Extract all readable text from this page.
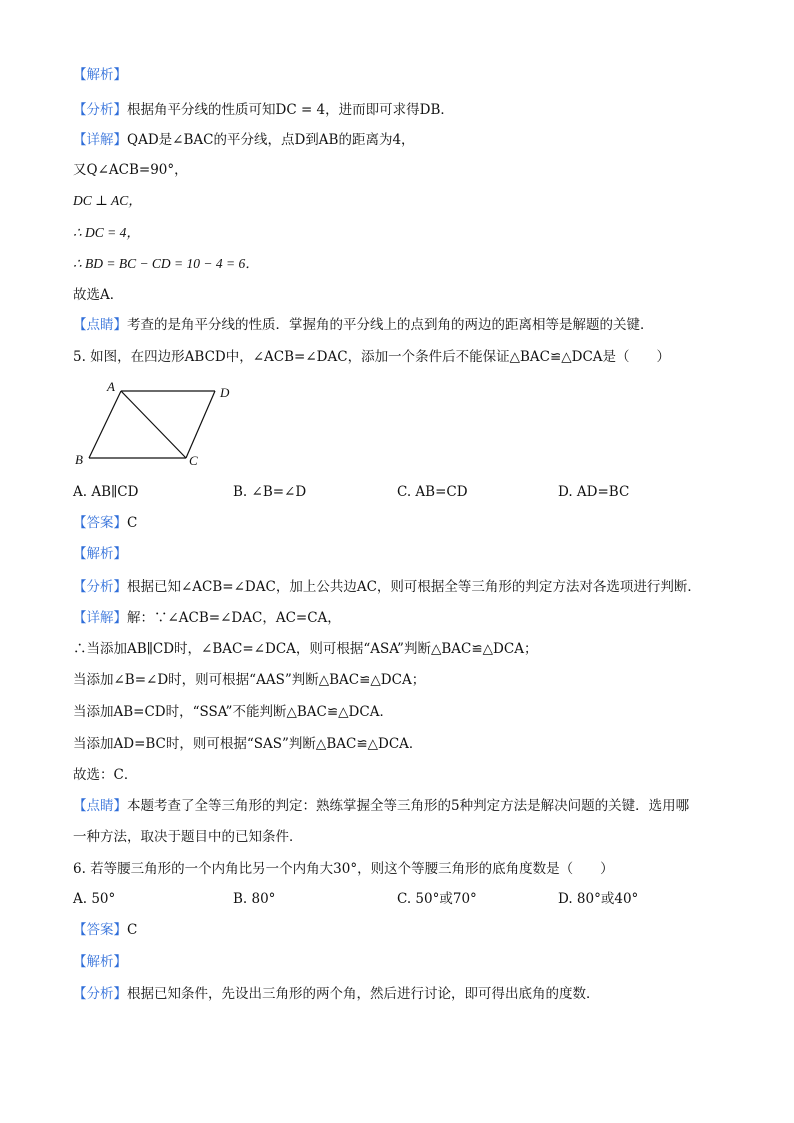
【解析】
【分析】根据角平分线的性质可知DC = 4，进而即可求得DB．
【详解】QAD是∠BAC的平分线，点D到AB的距离为4，
又Q∠ACB=90°，
DC ⊥ AC，
∴ DC = 4，
∴ BD = BC − CD = 10 − 4 = 6．
故选A．
【点睛】考查的是角平分线的性质．掌握角的平分线上的点到角的两边的距离相等是解题的关键．
5. 如图，在四边形ABCD中，∠ACB=∠DAC，添加一个条件后不能保证△BAC≌△DCA是（　　）
A	D
B	C
A. AB∥CD	B. ∠B=∠D	C. AB=CD	D. AD=BC
【答案】C
【解析】
【分析】根据已知∠ACB=∠DAC，加上公共边AC，则可根据全等三角形的判定方法对各选项进行判断．
【详解】解：∵∠ACB=∠DAC，AC=CA，
∴当添加AB∥CD时，∠BAC=∠DCA，则可根据“ASA”判断△BAC≌△DCA；
当添加∠B=∠D时，则可根据“AAS”判断△BAC≌△DCA；
当添加AB=CD时，“SSA”不能判断△BAC≌△DCA．
当添加AD=BC时，则可根据“SAS”判断△BAC≌△DCA．
故选：C．
【点睛】本题考查了全等三角形的判定：熟练掌握全等三角形的5种判定方法是解决问题的关键．选用哪
一种方法，取决于题目中的已知条件．
6. 若等腰三角形的一个内角比另一个内角大30°，则这个等腰三角形的底角度数是（　　）
A. 50°	B. 80°	C. 50°或70°	D. 80°或40°
【答案】C
【解析】
【分析】根据已知条件，先设出三角形的两个角，然后进行讨论，即可得出底角的度数．
